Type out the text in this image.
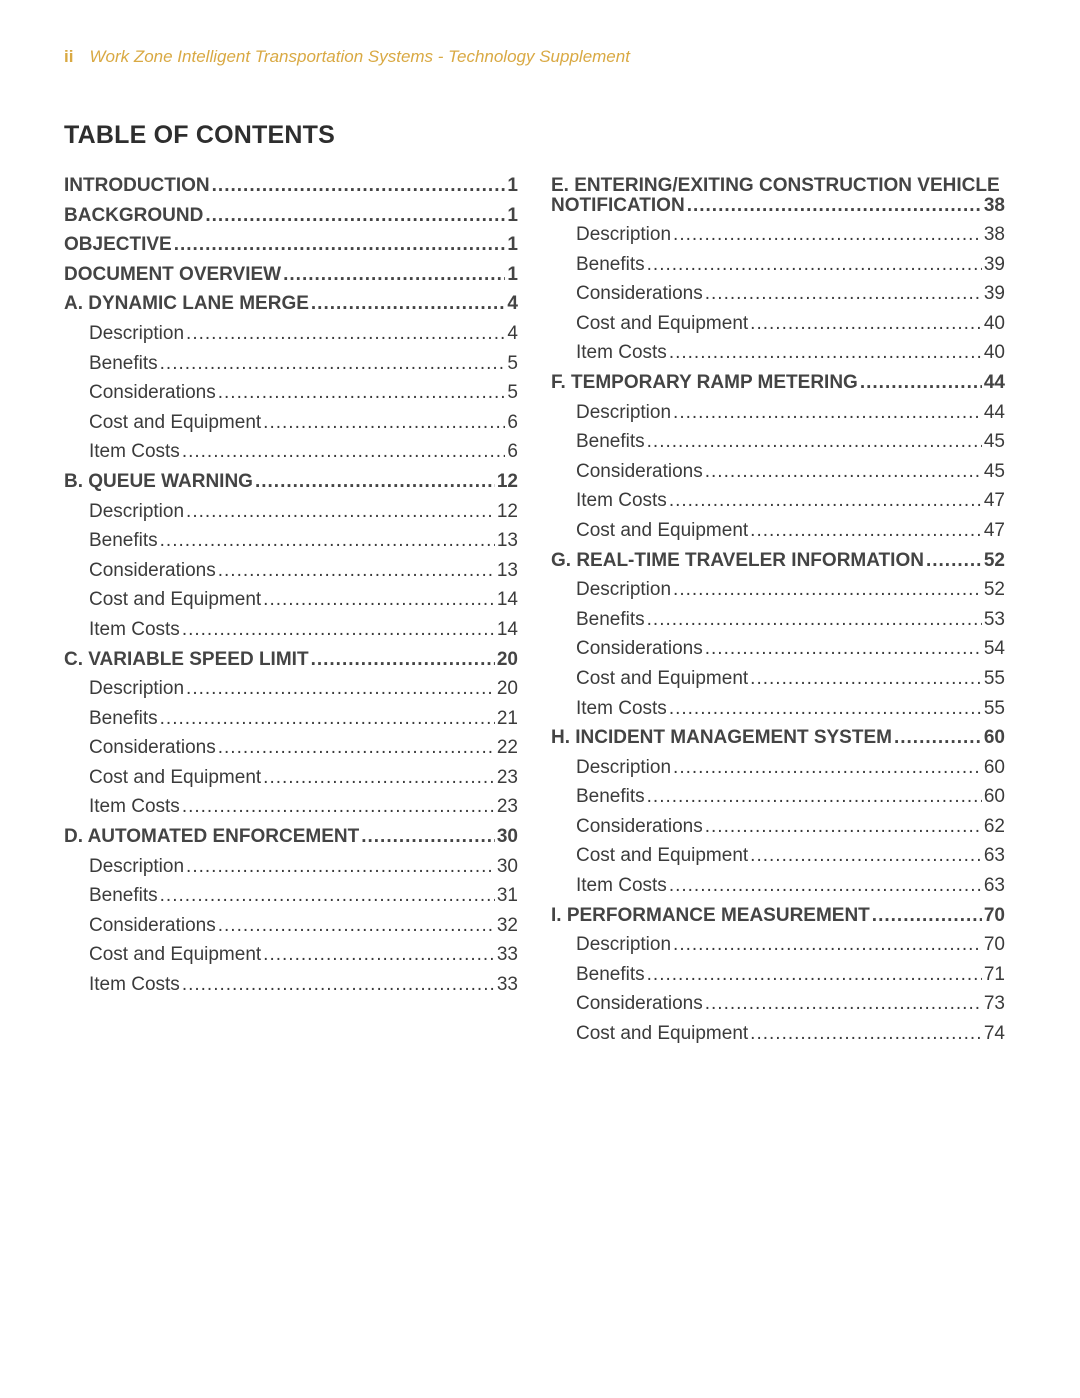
ii Work Zone Intelligent Transportation Systems - Technology Supplement
TABLE OF CONTENTS
INTRODUCTION .....	1
BACKGROUND .....	1
OBJECTIVE .....	1
DOCUMENT OVERVIEW .....	1
A. DYNAMIC LANE MERGE .....	4
Description .....	4
Benefits .....	5
Considerations .....	5
Cost and Equipment .....	6
Item Costs .....	6
B. QUEUE WARNING .....	12
Description .....	12
Benefits .....	13
Considerations .....	13
Cost and Equipment .....	14
Item Costs .....	14
C. VARIABLE SPEED LIMIT .....	20
Description .....	20
Benefits .....	21
Considerations .....	22
Cost and Equipment .....	23
Item Costs .....	23
D. AUTOMATED ENFORCEMENT .....	30
Description .....	30
Benefits .....	31
Considerations .....	32
Cost and Equipment .....	33
Item Costs .....	33
E. ENTERING/EXITING CONSTRUCTION VEHICLE
NOTIFICATION .....	38
Description .....	38
Benefits .....	39
Considerations .....	39
Cost and Equipment .....	40
Item Costs .....	40
F. TEMPORARY RAMP METERING .....	44
Description .....	44
Benefits .....	45
Considerations .....	45
Item Costs .....	47
Cost and Equipment .....	47
G. REAL-TIME TRAVELER INFORMATION .....	52
Description .....	52
Benefits .....	53
Considerations .....	54
Cost and Equipment .....	55
Item Costs .....	55
H. INCIDENT MANAGEMENT SYSTEM .....	60
Description .....	60
Benefits .....	60
Considerations .....	62
Cost and Equipment .....	63
Item Costs .....	63
I. PERFORMANCE MEASUREMENT .....	70
Description .....	70
Benefits .....	71
Considerations .....	73
Cost and Equipment .....	74
